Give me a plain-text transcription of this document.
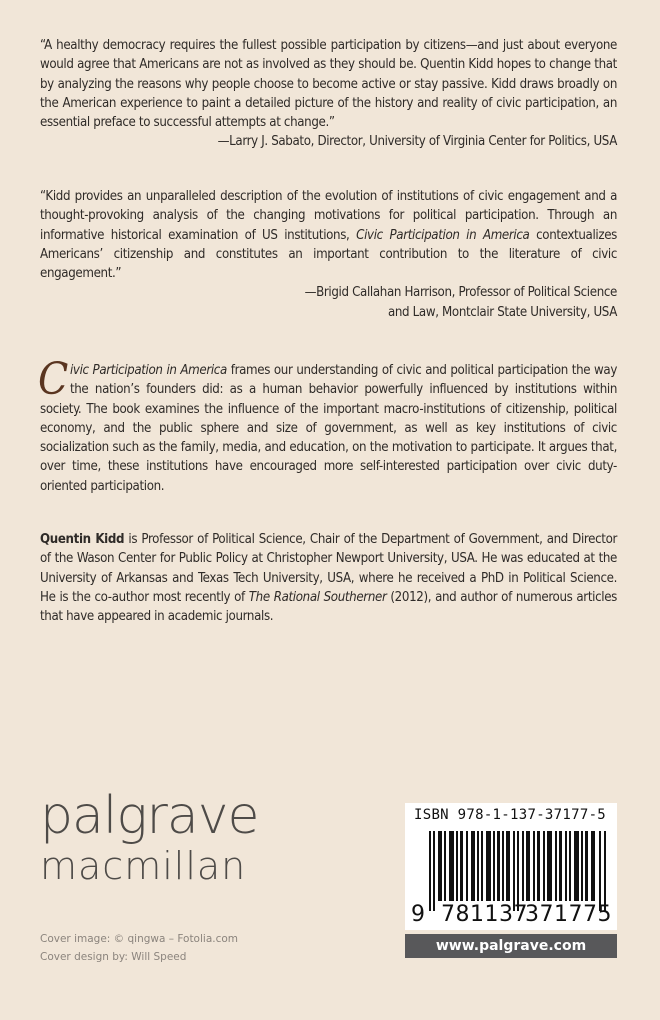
“A healthy democracy requires the fullest possible participation by citizens—and just about everyone would agree that Americans are not as involved as they should be. Quentin Kidd hopes to change that by analyzing the reasons why people choose to become active or stay passive. Kidd draws broadly on the American experience to paint a detailed picture of the history and reality of civic participation, an essential preface to successful attempts at change.”
—Larry J. Sabato, Director, University of Virginia Center for Politics, USA
“Kidd provides an unparalleled description of the evolution of institutions of civic engagement and a thought-provoking analysis of the changing motivations for political participation. Through an informative historical examination of US institutions, Civic Participation in America contextualizes Americans’ citizenship and constitutes an important contribution to the literature of civic engagement.”
—Brigid Callahan Harrison, Professor of Political Science
and Law, Montclair State University, USA
Civic Participation in America frames our understanding of civic and political participation the way the nation’s founders did: as a human behavior powerfully influenced by institutions within society. The book examines the influence of the important macro-institutions of citizenship, political economy, and the public sphere and size of government, as well as key institutions of civic socialization such as the family, media, and education, on the motivation to participate. It argues that, over time, these institutions have encouraged more self-interested participation over civic duty-oriented participation.
Quentin Kidd is Professor of Political Science, Chair of the Department of Government, and Director of the Wason Center for Public Policy at Christopher Newport University, USA. He was educated at the University of Arkansas and Texas Tech University, USA, where he received a PhD in Political Science. He is the co-author most recently of The Rational Southerner (2012), and author of numerous articles that have appeared in academic journals.
palgrave
macmillan
Cover image: © qingwa – Fotolia.com
Cover design by: Will Speed
ISBN 978-1-137-37177-5
9 781137
371775
www.palgrave.com
